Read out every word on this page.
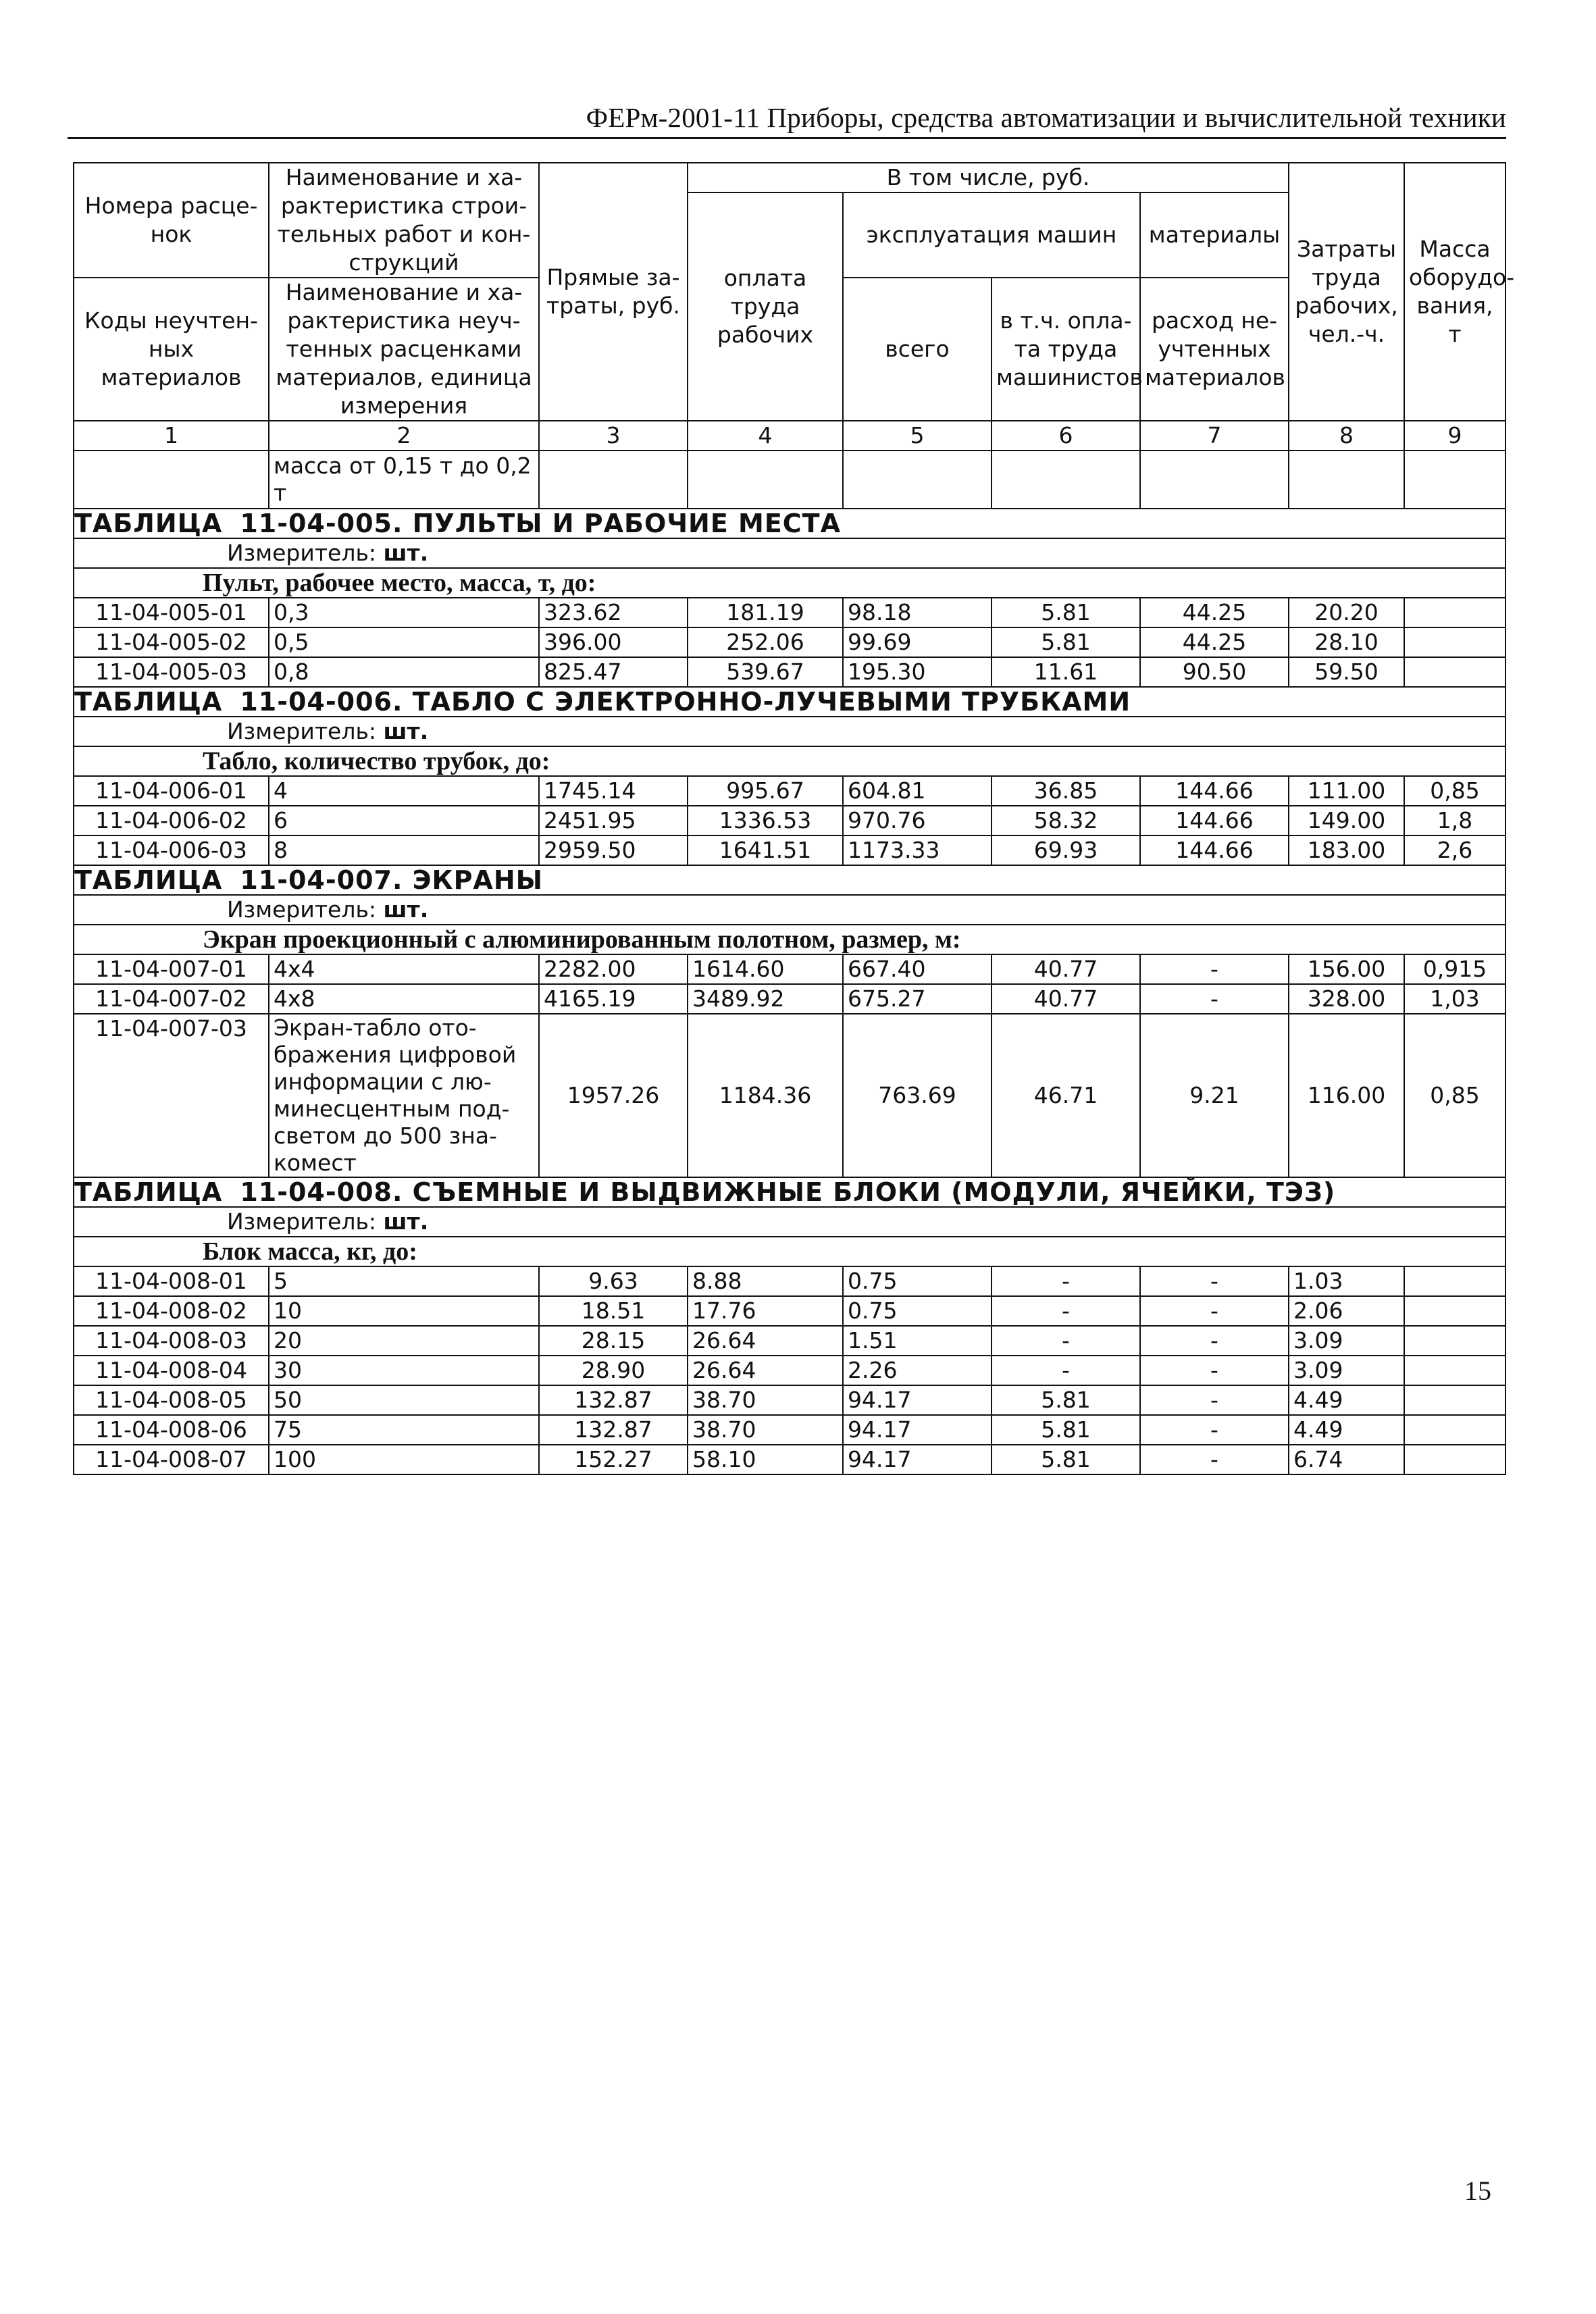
ФЕРм-2001-11 Приборы, средства автоматизации и вычислительной техники
Номера расце-нок	Наименование и ха-рактеристика строи-тельных работ и кон-струкций	Прямые за-траты, руб.	В том числе, руб.				Затраты труда рабочих, чел.-ч.	Масса оборудо-вания, т
			оплата труда рабочих	эксплуатация машин		материалы		
Коды неучтен-ных материалов	Наименование и ха-рактеристика неуч-тенных расценками материалов, единица измерения			всего	в т.ч. опла-та труда машинистов	расход не-учтенных материалов		

1	2	3	4	5	6	7	8	9
	масса от 0,15 т до 0,2 т							
ТАБЛИЦА 11-04-005. ПУЛЬТЫ И РАБОЧИЕ МЕСТА								
Измеритель: шт.								
Пульт, рабочее место, масса, т, до:								
11-04-005-01	0,3	323.62	181.19	98.18	5.81	44.25	20.20	
11-04-005-02	0,5	396.00	252.06	99.69	5.81	44.25	28.10	
11-04-005-03	0,8	825.47	539.67	195.30	11.61	90.50	59.50	
ТАБЛИЦА 11-04-006. ТАБЛО С ЭЛЕКТРОННО-ЛУЧЕВЫМИ ТРУБКАМИ								
Измеритель: шт.								
Табло, количество трубок, до:								
11-04-006-01	4	1745.14	995.67	604.81	36.85	144.66	111.00	0,85
11-04-006-02	6	2451.95	1336.53	970.76	58.32	144.66	149.00	1,8
11-04-006-03	8	2959.50	1641.51	1173.33	69.93	144.66	183.00	2,6
ТАБЛИЦА 11-04-007. ЭКРАНЫ								
Измеритель: шт.								
Экран проекционный с алюминированным полотном, размер, м:								
11-04-007-01	4x4	2282.00	1614.60	667.40	40.77	-	156.00	0,915
11-04-007-02	4x8	4165.19	3489.92	675.27	40.77	-	328.00	1,03
11-04-007-03	Экран-табло ото-бражения цифровой информации с лю-минесцентным под-светом до 500 зна-комест	1957.26	1184.36	763.69	46.71	9.21	116.00	0,85
ТАБЛИЦА 11-04-008. СЪЕМНЫЕ И ВЫДВИЖНЫЕ БЛОКИ (МОДУЛИ, ЯЧЕЙКИ, ТЭЗ)								
Измеритель: шт.								
Блок масса, кг, до:								
11-04-008-01	5	9.63	8.88	0.75	-	-	1.03	
11-04-008-02	10	18.51	17.76	0.75	-	-	2.06	
11-04-008-03	20	28.15	26.64	1.51	-	-	3.09	
11-04-008-04	30	28.90	26.64	2.26	-	-	3.09	
11-04-008-05	50	132.87	38.70	94.17	5.81	-	4.49	
11-04-008-06	75	132.87	38.70	94.17	5.81	-	4.49	
11-04-008-07	100	152.27	58.10	94.17	5.81	-	6.74	
15
